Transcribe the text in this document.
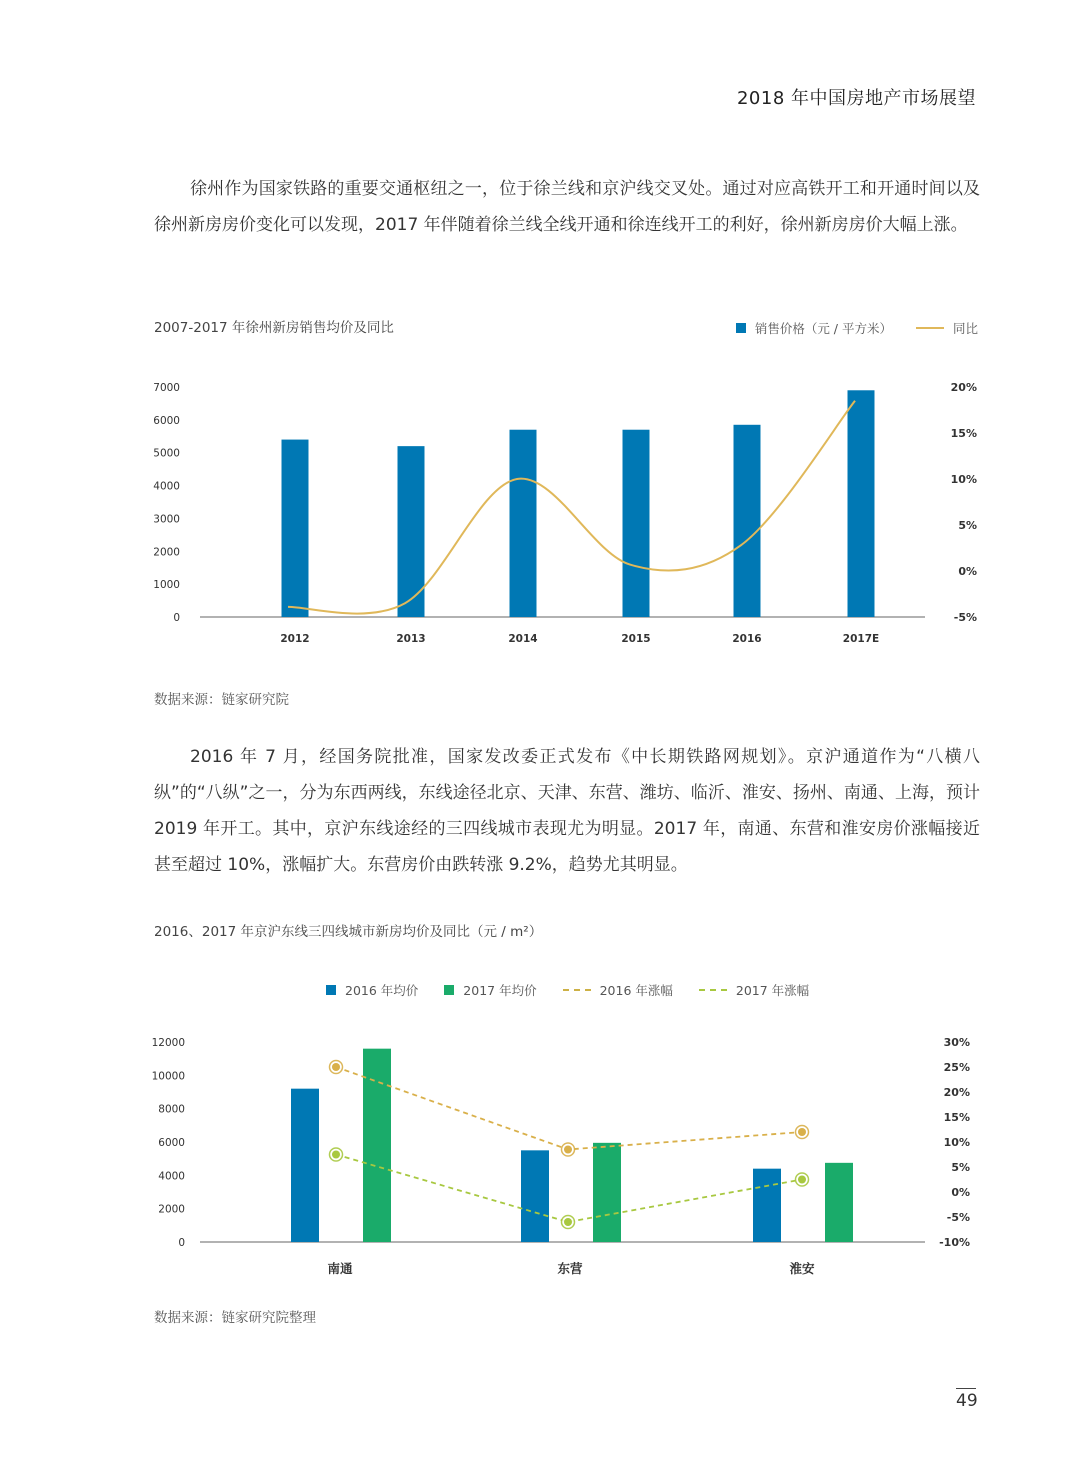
2018 年中国房地产市场展望

徐州作为国家铁路的重要交通枢纽之一，位于徐兰线和京沪线交叉处。通过对应高铁开工和开通时间以及徐州新房房价变化可以发现，2017 年伴随着徐兰线全线开通和徐连线开工的利好，徐州新房房价大幅上涨。

2007-2017 年徐州新房销售均价及同比	销售价格（元 / 平方米）	同比
0
1000
2000
3000
4000
5000
6000
7000
-5%
0%
5%
10%
15%
20%
2012	2013	2014	2015	2016	2017E
数据来源：链家研究院

2016 年 7 月，经国务院批准，国家发改委正式发布《中长期铁路网规划》。京沪通道作为“八横八纵”的“八纵”之一，分为东西两线，东线途径北京、天津、东营、潍坊、临沂、淮安、扬州、南通、上海，预计 2019 年开工。其中，京沪东线途经的三四线城市表现尤为明显。2017 年，南通、东营和淮安房价涨幅接近甚至超过 10%，涨幅扩大。东营房价由跌转涨 9.2%，趋势尤其明显。

2016、2017 年京沪东线三四线城市新房均价及同比（元 / m²）
2016 年均价	2017 年均价	2016 年涨幅	2017 年涨幅
0
2000
4000
6000
8000
10000
12000
-10%
-5%
0%
5%
10%
15%
20%
25%
30%
南通	东营	淮安
数据来源：链家研究院整理
49
